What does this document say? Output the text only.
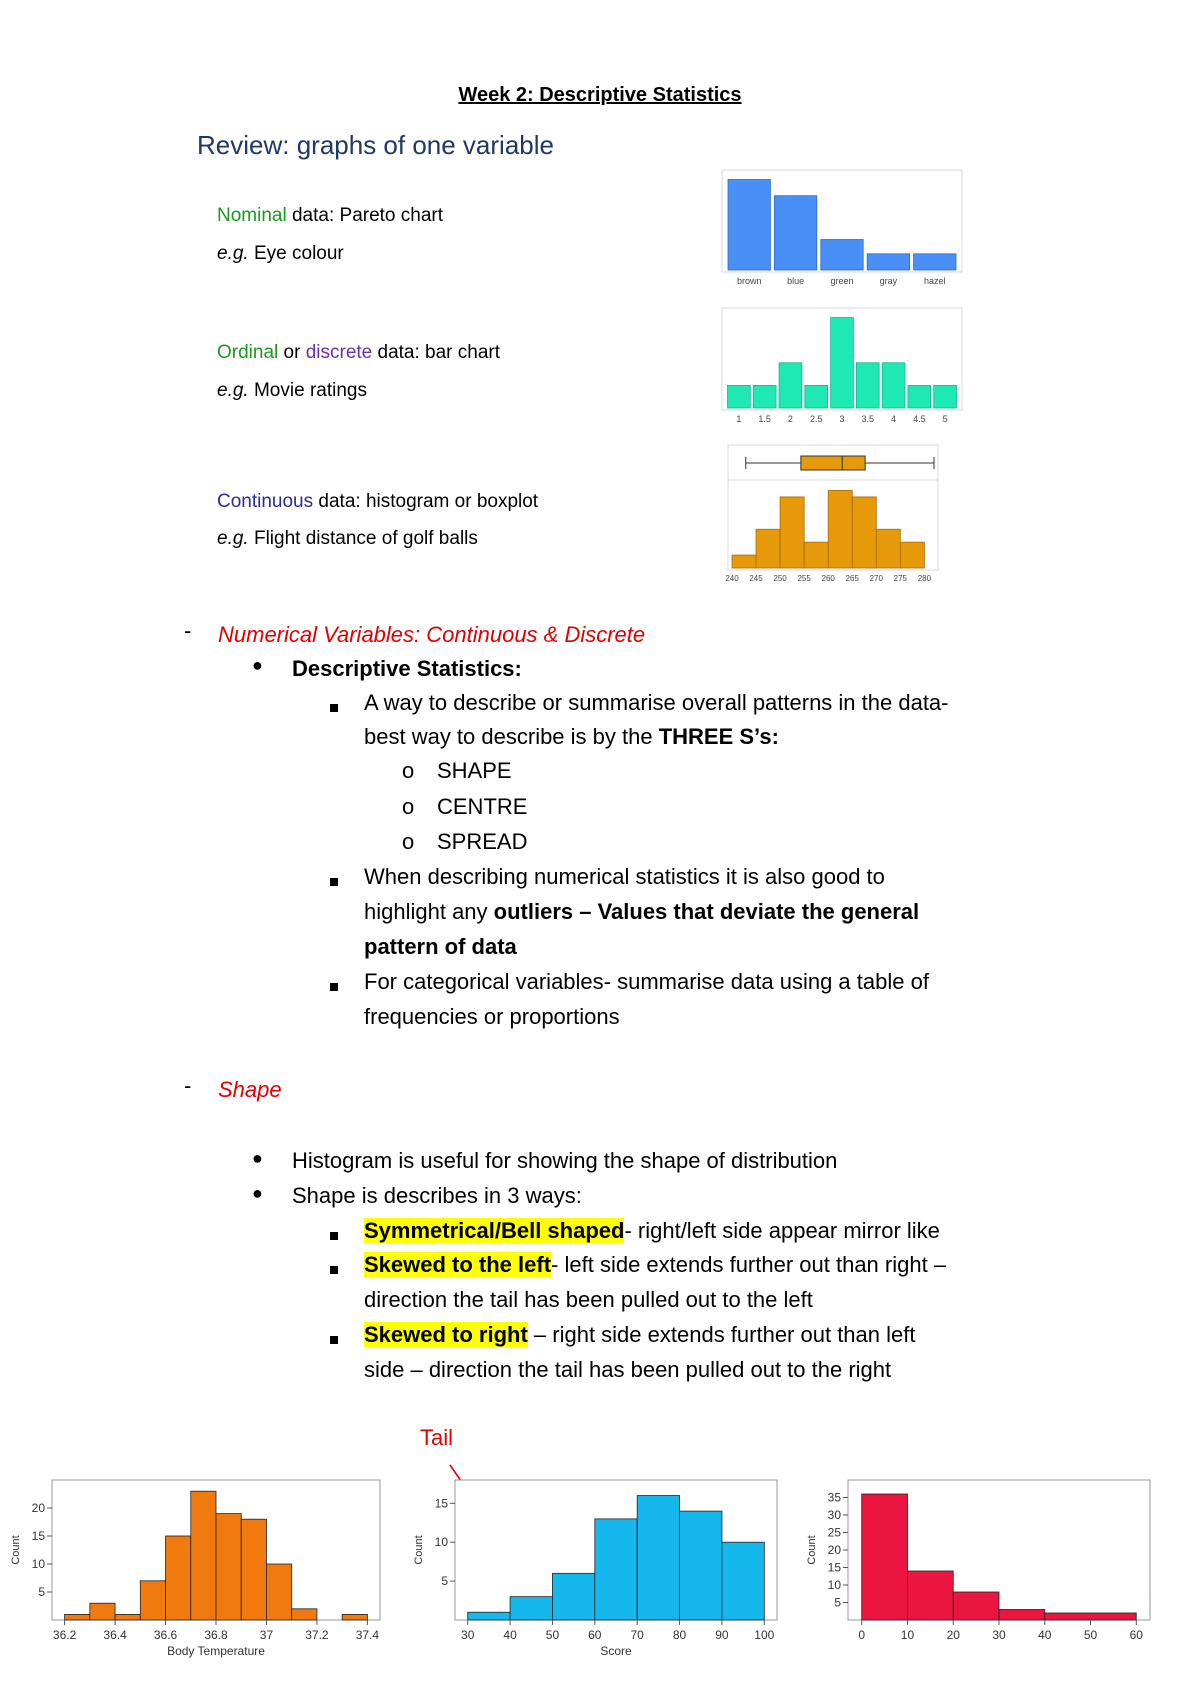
Week 2: Descriptive Statistics
Review: graphs of one variable
Nominal data: Pareto chart
e.g. Eye colour
Ordinal or discrete data: bar chart
e.g. Movie ratings
Continuous data: histogram or boxplot
e.g. Flight distance of golf balls
brown	blue	green	gray	hazel
1 1.5 2 2.5 3 3.5 4 4.5 5
240 245 250 255 260 265 270 275 280
- Numerical Variables: Continuous & Discrete
● Descriptive Statistics:
A way to describe or summarise overall patterns in the data-
best way to describe is by the THREE S’s:
o SHAPE
o CENTRE
o SPREAD
When describing numerical statistics it is also good to
highlight any outliers – Values that deviate the general
pattern of data
For categorical variables- summarise data using a table of
frequencies or proportions
- Shape
● Histogram is useful for showing the shape of distribution
● Shape is describes in 3 ways:
Symmetrical/Bell shaped- right/left side appear mirror like
Skewed to the left- left side extends further out than right –
direction the tail has been pulled out to the left
Skewed to right – right side extends further out than left
side – direction the tail has been pulled out to the right
Tail
36.2 36.4 36.6 36.8	37	37.2 37.4
5
10
15
20
Body Temperature
Count
30 40 50 60 70 80 90 100
5
10
15
Score
Count
0	10	20	30	40	50	60
5
10
15
20
25
30
35
Count
